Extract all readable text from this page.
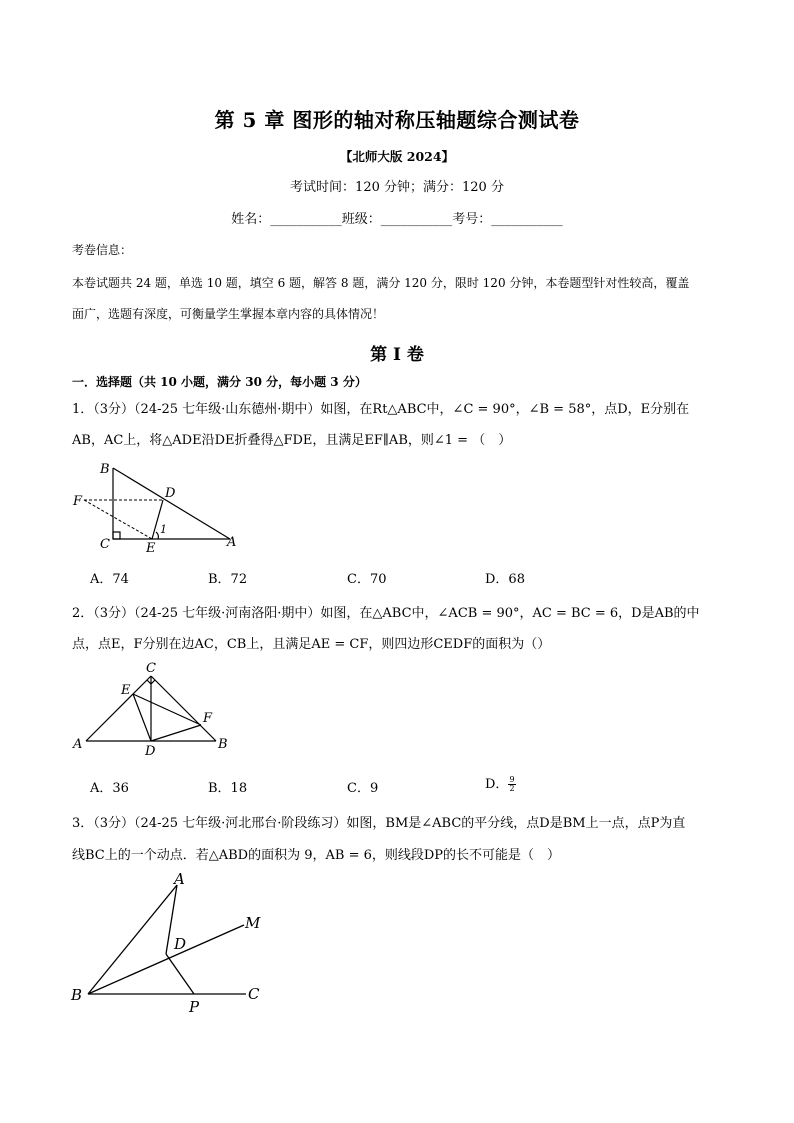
第 5 章 图形的轴对称压轴题综合测试卷
【北师大版 2024】
考试时间：120 分钟；满分：120 分
姓名：___________班级：___________考号：___________
考卷信息：
本卷试题共 24 题，单选 10 题，填空 6 题，解答 8 题，满分 120 分，限时 120 分钟，本卷题型针对性较高，覆盖
面广，选题有深度，可衡量学生掌握本章内容的具体情况！
第 I 卷
一．选择题（共 10 小题，满分 30 分，每小题 3 分）
1．（3分）（24-25 七年级·山东德州·期中）如图，在Rt△ABC中，∠C = 90°，∠B = 58°，点D，E分别在
AB，AC上，将△ADE沿DE折叠得△FDE，且满足EF∥AB，则∠1 = （　）
B
D
F
1
C	E	A
A．74	B．72	C．70	D．68
2．（3分）（24-25 七年级·河南洛阳·期中）如图，在△ABC中，∠ACB = 90°，AC = BC = 6，D是AB的中
点，点E，F分别在边AC，CB上，且满足AE = CF，则四边形CEDF的面积为（）
C
E
F
A	D	B
A．36	B．18	C．9	D． $\frac{9}{2}$
3．（3分）（24-25 七年级·河北邢台·阶段练习）如图，BM是∠ABC的平分线，点D是BM上一点，点P为直
线BC上的一个动点．若△ABD的面积为 9，AB = 6，则线段DP的长不可能是（　）
A
M
D
B
P
C
